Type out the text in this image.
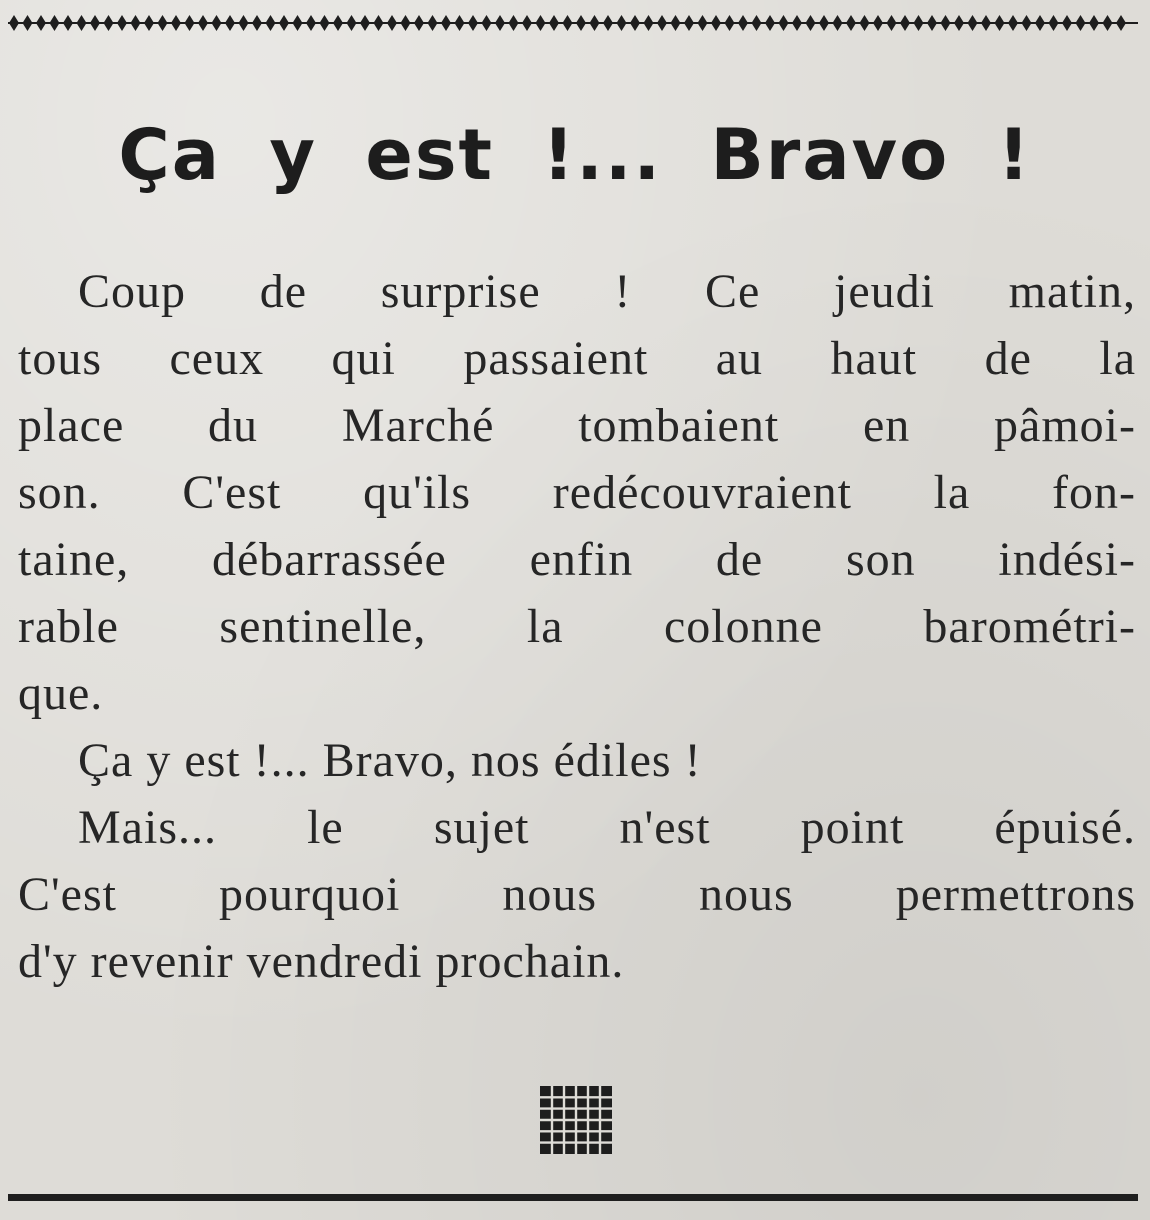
Ça y est !... Bravo !
Coup de surprise ! Ce jeudi matin,
tous ceux qui passaient au haut de la
place du Marché tombaient en pâmoi-
son. C'est qu'ils redécouvraient la fon-
taine, débarrassée enfin de son indési-
rable sentinelle, la colonne barométri-
que.
Ça y est !... Bravo, nos édiles !
Mais... le sujet n'est point épuisé.
C'est pourquoi nous nous permettrons
d'y revenir vendredi prochain.
